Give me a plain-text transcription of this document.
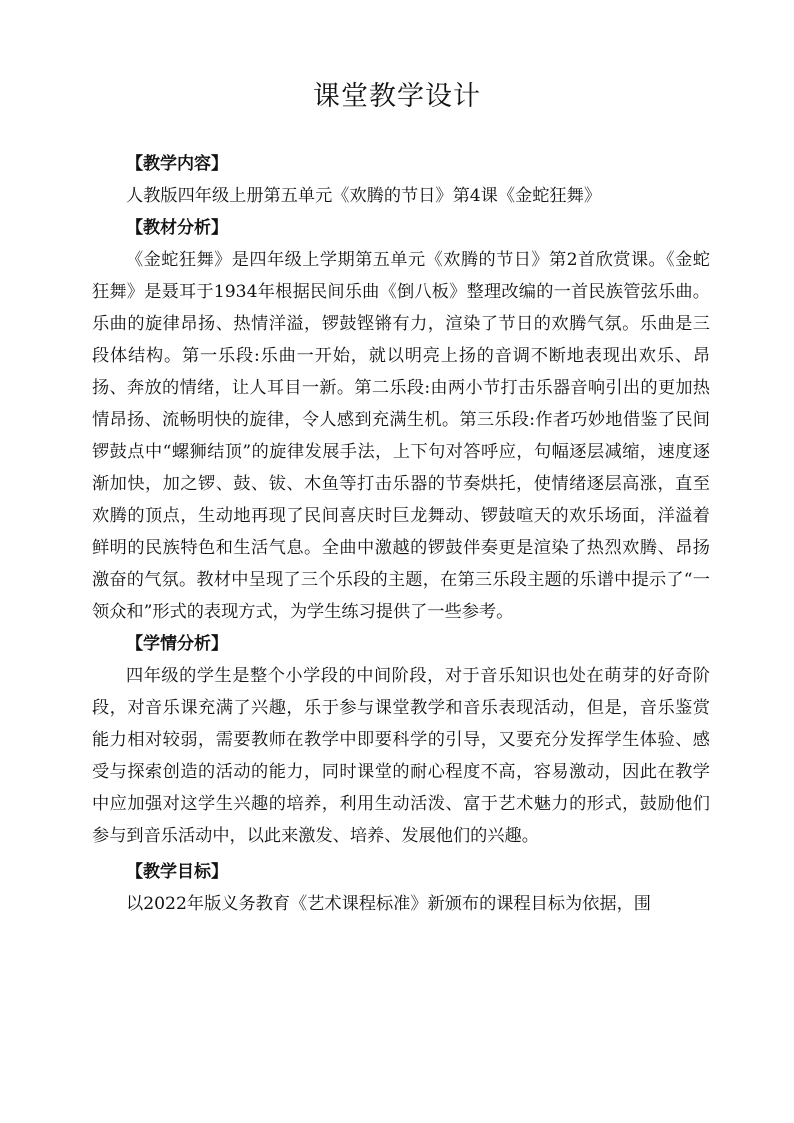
课堂教学设计
【教学内容】

人教版四年级上册第五单元《欢腾的节日》第4课《金蛇狂舞》

【教材分析】

《金蛇狂舞》是四年级上学期第五单元《欢腾的节日》第2首欣赏课。《金蛇狂舞》是聂耳于1934年根据民间乐曲《倒八板》整理改编的一首民族管弦乐曲。乐曲的旋律昂扬、热情洋溢，锣鼓铿锵有力，渲染了节日的欢腾气氛。乐曲是三段体结构。第一乐段:乐曲一开始，就以明亮上扬的音调不断地表现出欢乐、昂扬、奔放的情绪，让人耳目一新。第二乐段:由两小节打击乐器音响引出的更加热情昂扬、流畅明快的旋律，令人感到充满生机。第三乐段:作者巧妙地借鉴了民间锣鼓点中“螺狮结顶”的旋律发展手法，上下句对答呼应，句幅逐层减缩，速度逐渐加快，加之锣、鼓、钹、木鱼等打击乐器的节奏烘托，使情绪逐层高涨，直至欢腾的顶点，生动地再现了民间喜庆时巨龙舞动、锣鼓喧天的欢乐场面，洋溢着鲜明的民族特色和生活气息。全曲中激越的锣鼓伴奏更是渲染了热烈欢腾、昂扬激奋的气氛。教材中呈现了三个乐段的主题，在第三乐段主题的乐谱中提示了“一领众和”形式的表现方式，为学生练习提供了一些参考。

【学情分析】

四年级的学生是整个小学段的中间阶段，对于音乐知识也处在萌芽的好奇阶段，对音乐课充满了兴趣，乐于参与课堂教学和音乐表现活动，但是，音乐鉴赏能力相对较弱，需要教师在教学中即要科学的引导，又要充分发挥学生体验、感受与探索创造的活动的能力，同时课堂的耐心程度不高，容易激动，因此在教学中应加强对这学生兴趣的培养，利用生动活泼、富于艺术魅力的形式，鼓励他们参与到音乐活动中，以此来激发、培养、发展他们的兴趣。

【教学目标】

以2022年版义务教育《艺术课程标准》新颁布的课程目标为依据，围
